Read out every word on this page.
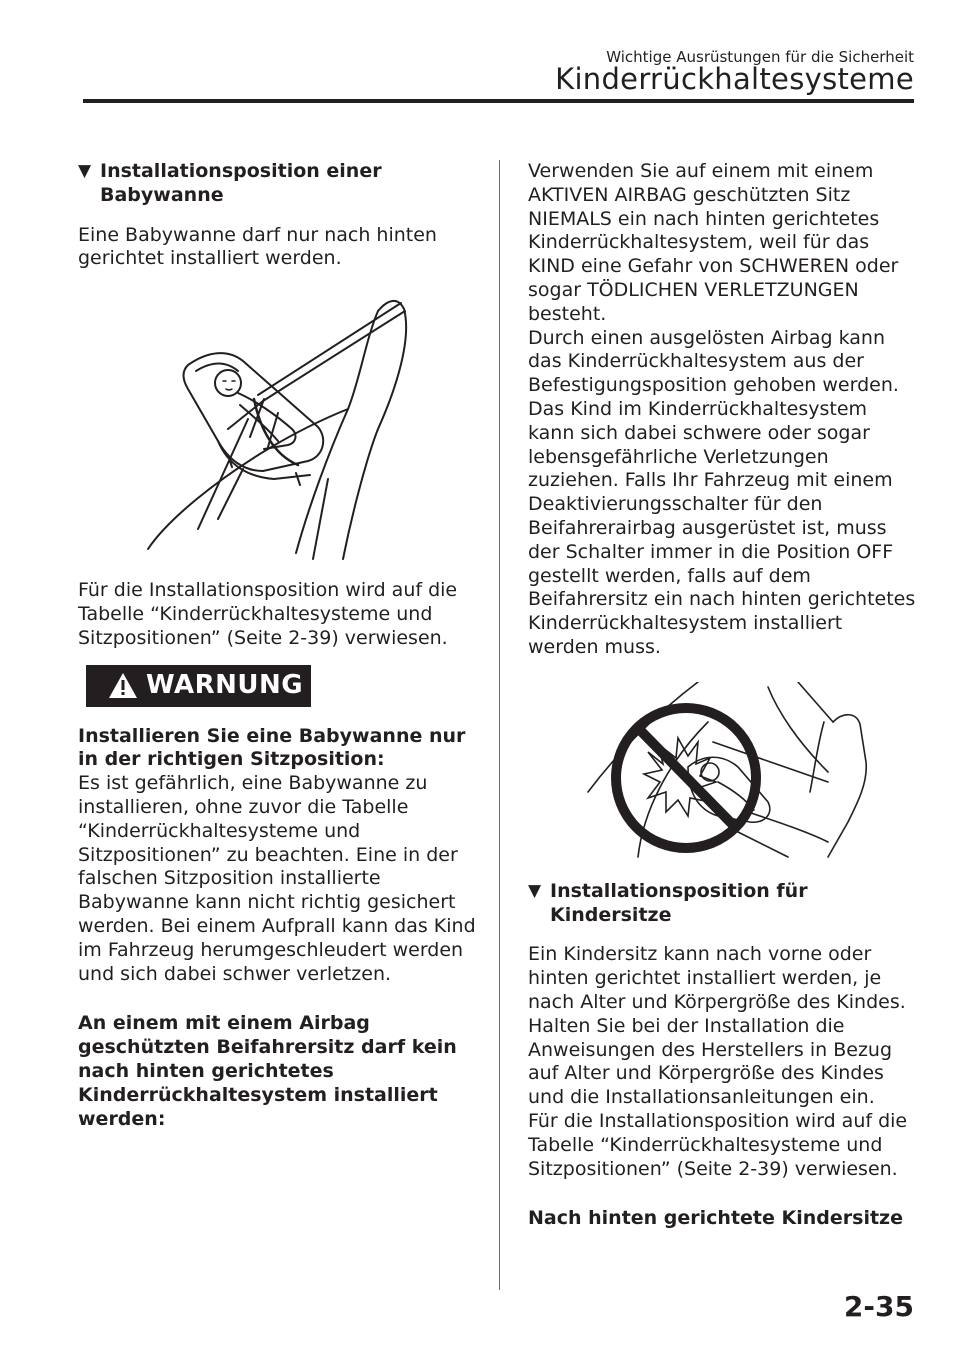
Wichtige Ausrüstungen für die Sicherheit
Kinderrückhaltesysteme
▼ Installationsposition einer Babywanne

Eine Babywanne darf nur nach hinten gerichtet installiert werden.

Für die Installationsposition wird auf die Tabelle “Kinderrückhaltesysteme und Sitzpositionen” (Seite 2-39) verwiesen.

WARNUNG

Installieren Sie eine Babywanne nur in der richtigen Sitzposition:

Es ist gefährlich, eine Babywanne zu installieren, ohne zuvor die Tabelle “Kinderrückhaltesysteme und Sitzpositionen” zu beachten. Eine in der falschen Sitzposition installierte Babywanne kann nicht richtig gesichert werden. Bei einem Aufprall kann das Kind im Fahrzeug herumgeschleudert werden und sich dabei schwer verletzen.

An einem mit einem Airbag geschützten Beifahrersitz darf kein nach hinten gerichtetes Kinderrückhaltesystem installiert werden:

Verwenden Sie auf einem mit einem AKTIVEN AIRBAG geschützten Sitz NIEMALS ein nach hinten gerichtetes Kinderrückhaltesystem, weil für das KIND eine Gefahr von SCHWEREN oder sogar TÖDLICHEN VERLETZUNGEN besteht.

Durch einen ausgelösten Airbag kann das Kinderrückhaltesystem aus der Befestigungsposition gehoben werden. Das Kind im Kinderrückhaltesystem kann sich dabei schwere oder sogar lebensgefährliche Verletzungen zuziehen. Falls Ihr Fahrzeug mit einem Deaktivierungsschalter für den Beifahrerairbag ausgerüstet ist, muss der Schalter immer in die Position OFF gestellt werden, falls auf dem Beifahrersitz ein nach hinten gerichtetes Kinderrückhaltesystem installiert werden muss.

▼ Installationsposition für Kindersitze

Ein Kindersitz kann nach vorne oder hinten gerichtet installiert werden, je nach Alter und Körpergröße des Kindes. Halten Sie bei der Installation die Anweisungen des Herstellers in Bezug auf Alter und Körpergröße des Kindes und die Installationsanleitungen ein.

Für die Installationsposition wird auf die Tabelle “Kinderrückhaltesysteme und Sitzpositionen” (Seite 2-39) verwiesen.

Nach hinten gerichtete Kindersitze

2-35
